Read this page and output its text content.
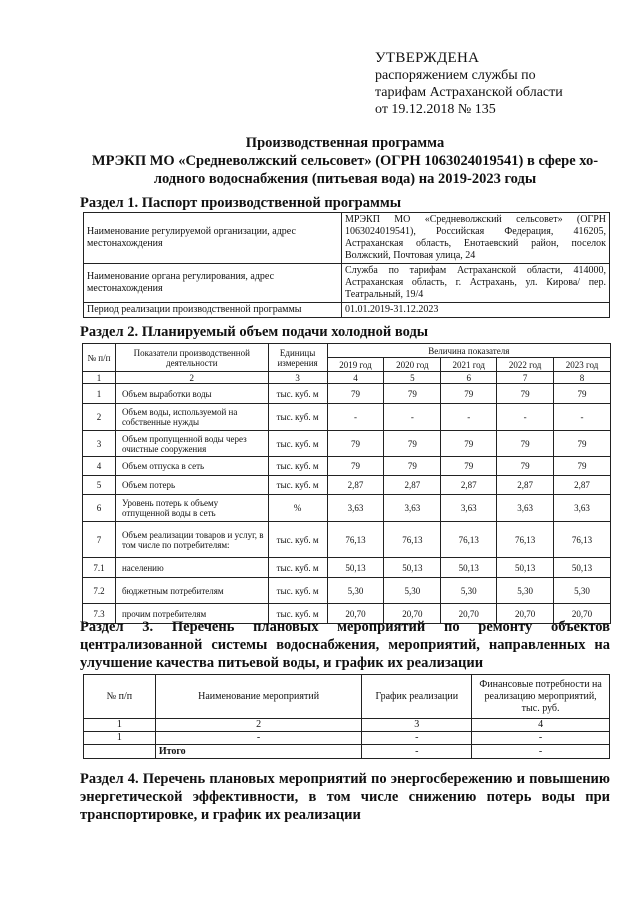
УТВЕРЖДЕНА
распоряжением службы по
тарифам Астраханской области
от 19.12.2018 № 135
Производственная программа
МРЭКП МО «Средневолжский сельсовет» (ОГРН 1063024019541) в сфере хо-
лодного водоснабжения (питьевая вода) на 2019-2023 годы
Раздел 1. Паспорт производственной программы
Наименование регулируемой организации, адрес местонахождения	МРЭКП МО «Средневолжский сельсовет» (ОГРН 1063024019541), Российская Федерация, 416205, Астраханская область, Енотаевский район, поселок Волжский, Почтовая улица, 24
Наименование органа регулирования, адрес местонахождения	Служба по тарифам Астраханской области, 414000, Астраханская область, г. Астрахань, ул. Кирова/ пер. Театральный, 19/4
Период реализации производственной программы	01.01.2019-31.12.2023
Раздел 2. Планируемый объем подачи холодной воды
№ п/п	Показатели производственной деятельности	Единицы измерения	Величина показателя				
			2019 год	2020 год	2021 год	2022 год	2023 год
1	2	3	4	5	6	7	8
1	Объем выработки воды	тыс. куб. м	79	79	79	79	79
2	Объем воды, используемой на собственные нужды	тыс. куб. м	-	-	-	-	-
3	Объем пропущенной воды через очистные сооружения	тыс. куб. м	79	79	79	79	79
4	Объем отпуска в сеть	тыс. куб. м	79	79	79	79	79
5	Объем потерь	тыс. куб. м	2,87	2,87	2,87	2,87	2,87
6	Уровень потерь к объему отпущенной воды в сеть	%	3,63	3,63	3,63	3,63	3,63
7	Объем реализации товаров и услуг, в том числе по потребителям:	тыс. куб. м	76,13	76,13	76,13	76,13	76,13
7.1	населению	тыс. куб. м	50,13	50,13	50,13	50,13	50,13
7.2	бюджетным потребителям	тыс. куб. м	5,30	5,30	5,30	5,30	5,30
7.3	прочим потребителям	тыс. куб. м	20,70	20,70	20,70	20,70	20,70
Раздел 3. Перечень плановых мероприятий по ремонту объектов централизованной системы водоснабжения, мероприятий, направленных на улучшение качества питьевой воды, и график их реализации
№ п/п	Наименование мероприятий	График реализации	Финансовые потребности на реализацию мероприятий, тыс. руб.
1	2	3	4
1	-	-	-
	Итого	-	-
Раздел 4. Перечень плановых мероприятий по энергосбережению и повышению энергетической эффективности, в том числе снижению потерь воды при транспортировке, и график их реализации
